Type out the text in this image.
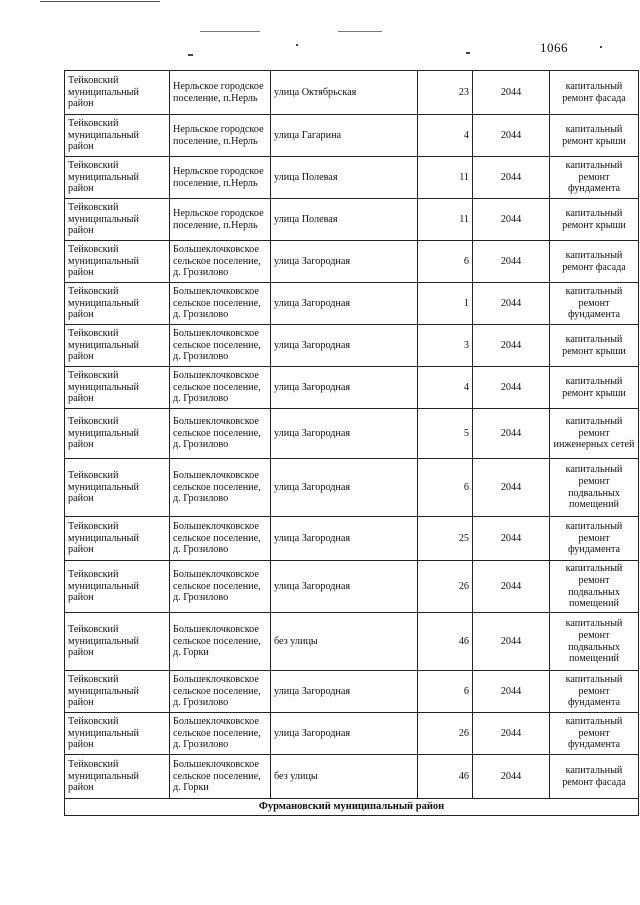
1066
Тейковский муниципальный район	Нерльское городское поселение, п.Нерль	улица Октябрьская	23	2044	капитальный ремонт фасада
Тейковский муниципальный район	Нерльское городское поселение, п.Нерль	улица Гагарина	4	2044	капитальный ремонт крыши
Тейковский муниципальный район	Нерльское городское поселение, п.Нерль	улица Полевая	11	2044	капитальный ремонт фундамента
Тейковский муниципальный район	Нерльское городское поселение, п.Нерль	улица Полевая	11	2044	капитальный ремонт крыши
Тейковский муниципальный район	Большеклочковское сельское поселение, д. Грозилово	улица Загородная	6	2044	капитальный ремонт фасада
Тейковский муниципальный район	Большеклочковское сельское поселение, д. Грозилово	улица Загородная	1	2044	капитальный ремонт фундамента
Тейковский муниципальный район	Большеклочковское сельское поселение, д. Грозилово	улица Загородная	3	2044	капитальный ремонт крыши
Тейковский муниципальный район	Большеклочковское сельское поселение, д. Грозилово	улица Загородная	4	2044	капитальный ремонт крыши
Тейковский муниципальный район	Большеклочковское сельское поселение, д. Грозилово	улица Загородная	5	2044	капитальный ремонт инженерных сетей
Тейковский муниципальный район	Большеклочковское сельское поселение, д. Грозилово	улица Загородная	6	2044	капитальный ремонт подвальных помещений
Тейковский муниципальный район	Большеклочковское сельское поселение, д. Грозилово	улица Загородная	25	2044	капитальный ремонт фундамента
Тейковский муниципальный район	Большеклочковское сельское поселение, д. Грозилово	улица Загородная	26	2044	капитальный ремонт подвальных помещений
Тейковский муниципальный район	Большеклочковское сельское поселение, д. Горки	без улицы	46	2044	капитальный ремонт подвальных помещений
Тейковский муниципальный район	Большеклочковское сельское поселение, д. Грозилово	улица Загородная	6	2044	капитальный ремонт фундамента
Тейковский муниципальный район	Большеклочковское сельское поселение, д. Грозилово	улица Загородная	26	2044	капитальный ремонт фундамента
Тейковский муниципальный район	Большеклочковское сельское поселение, д. Горки	без улицы	46	2044	капитальный ремонт фасада
Фурмановский муниципальный район					
